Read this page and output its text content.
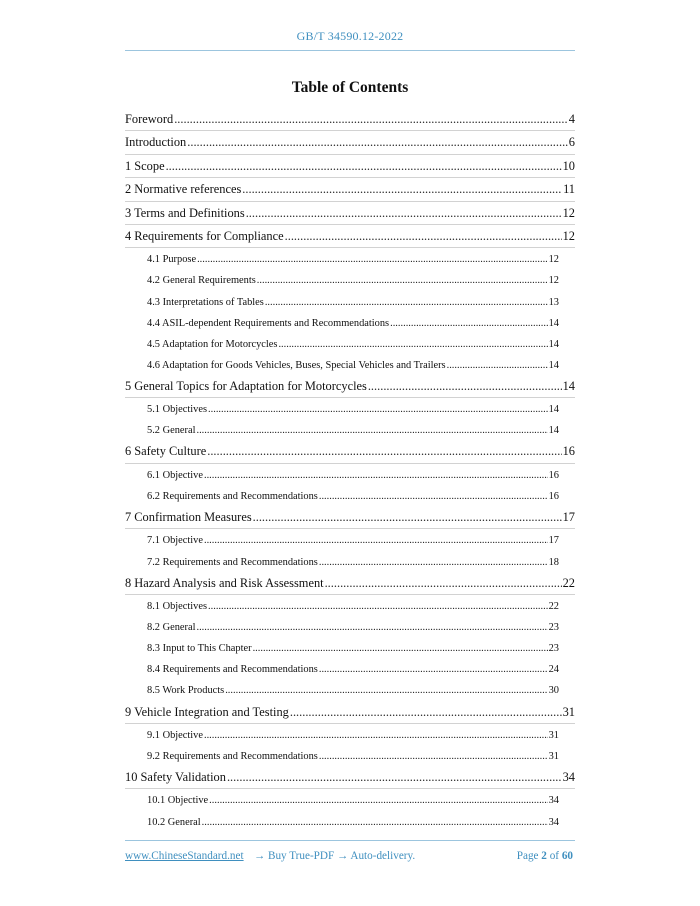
GB/T 34590.12-2022
Table of Contents
Foreword .....	4
Introduction .....	6
1 Scope .....	10
2 Normative references .....	11
3 Terms and Definitions .....	12
4 Requirements for Compliance .....	12
4.1 Purpose .....	12
4.2 General Requirements .....	12
4.3 Interpretations of Tables .....	13
4.4 ASIL-dependent Requirements and Recommendations .....	14
4.5 Adaptation for Motorcycles .....	14
4.6 Adaptation for Goods Vehicles, Buses, Special Vehicles and Trailers .....	14
5 General Topics for Adaptation for Motorcycles .....	14
5.1 Objectives .....	14
5.2 General .....	14
6 Safety Culture .....	16
6.1 Objective .....	16
6.2 Requirements and Recommendations .....	16
7 Confirmation Measures .....	17
7.1 Objective .....	17
7.2 Requirements and Recommendations .....	18
8 Hazard Analysis and Risk Assessment .....	22
8.1 Objectives .....	22
8.2 General .....	23
8.3 Input to This Chapter .....	23
8.4 Requirements and Recommendations .....	24
8.5 Work Products .....	30
9 Vehicle Integration and Testing .....	31
9.1 Objective .....	31
9.2 Requirements and Recommendations .....	31
10 Safety Validation .....	34
10.1 Objective .....	34
10.2 General .....	34
www.ChineseStandard.net → Buy True-PDF → Auto-delivery.	Page 2 of 60
